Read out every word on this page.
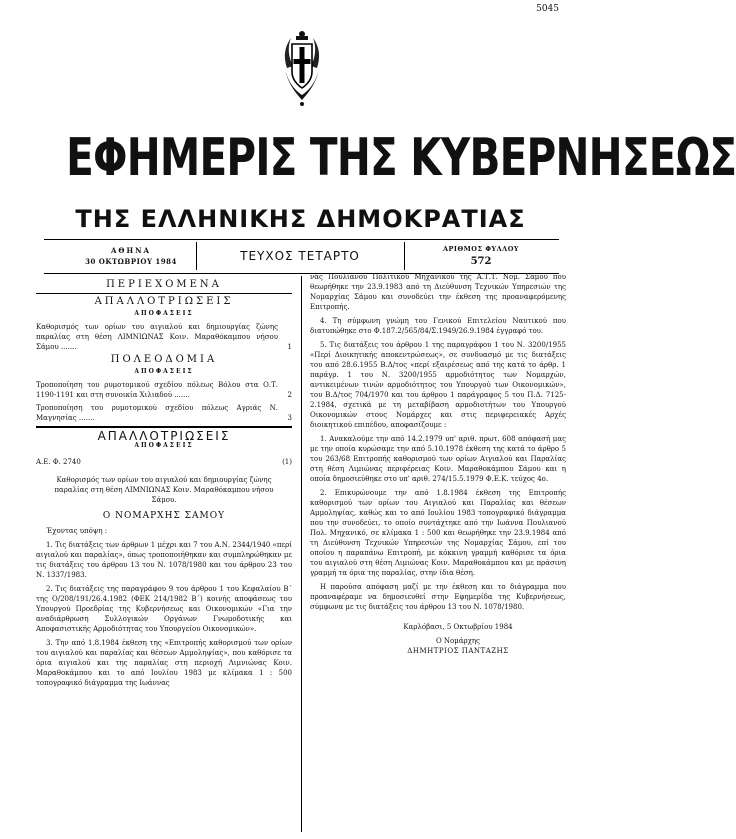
5045
ΕΦΗΜΕΡΙΣ ΤΗΣ ΚΥΒΕΡΝΗΣΕΩΣ
ΤΗΣ ΕΛΛΗΝΙΚΗΣ ΔΗΜΟΚΡΑΤΙΑΣ
ΑΘΗΝΑ
30 ΟΚΤΩΒΡΙΟΥ 1984	ΤΕΥΧΟΣ ΤΕΤΑΡΤΟ	ΑΡΙΘΜΟΣ ΦΥΛΛΟΥ
572
ΠΕΡΙΕΧΟΜΕΝΑ
ΑΠΑΛΛΟΤΡΙΩΣΕΙΣ
ΑΠΟΦΑΣΕΙΣ
Καθορισμός των ορίων του αιγιαλού και δημιουργίας ζώνης παραλίας στη θέση ΛΙΜΝΙΩΝΑΣ Κοιν. Μαραθόκαμπου νήσου Σάμου .......	1
ΠΟΛΕΟΔΟΜΙΑ
ΑΠΟΦΑΣΕΙΣ
Τροποποίηση του ρυμοτομικού σχεδίου πόλεως Βόλου στα Ο.Τ. 1190-1191 και στη συνοικία Χιλιαδού .......	2
Τροποποίηση του ρυμοτομικού σχεδίου πόλεως Αγριάς Ν. Μαγνησίας .......	3
ΑΠΑΛΛΟΤΡΙΩΣΕΙΣ
ΑΠΟΦΑΣΕΙΣ
Α.Ε. Φ. 2740	(1)

Καθορισμός των ορίων του αιγιαλού και δημιουργίας ζώνης παραλίας στη θέση ΛΙΜΝΙΩΝΑΣ Κοιν. Μαραθόκαμπου νήσου Σάμου.

Ο ΝΟΜΑΡΧΗΣ ΣΑΜΟΥ
Έχοντας υπόψη :

1. Τις διατάξεις των άρθρων 1 μέχρι και 7 του Α.Ν. 2344/1940 «περί αιγιαλού και παραλίας», όπως τροποποιήθηκαν και συμπληρώθηκαν με τις διατάξεις του άρθρου 13 του Ν. 1078/1980 και του άρθρου 23 του Ν. 1337/1983.

2. Τις διατάξεις της παραγράφου 9 του άρθρου 1 του Κεφαλαίου Β΄ της Ο/208/191/26.4.1982 (ΦΕΚ 214/1982 Β΄) κοινής αποφάσεως του Υπουργού Προεδρίας της Κυβερνήσεως και Οικονομικών «Για την αναδιάρθρωση Συλλογικών Οργάνων Γνωμοδοτικής και Αποφασιστικής Αρμοδιότητας του Υπουργείου Οικονομικών».

3. Την από 1.8.1984 έκθεση της «Επιτροπής καθορισμού των ορίων του αιγιαλού και παραλίας και θέσεων Αμμοληψίας», που καθόρισε τα όρια αιγιαλού και της παραλίας στη περιοχή Λιμνιώνας Κοιν. Μαραθοκάμπου και το από Ιουλίου 1983 με κλίμακα 1 : 500 τοπογραφικό διάγραμμα της Ιωάννας

νας Πουλιανού Πολιτικού Μηχανικού της Α.Τ.Τ. Νομ. Σάμου που θεωρήθηκε την 23.9.1983 από τη Διεύθυνση Τεχνικών Υπηρεσιών της Νομαρχίας Σάμου και συνοδεύει την έκθεση της προαναφερόμενης Επιτροπής.

4. Τη σύμφωνη γνώμη του Γενικού Επιτελείου Ναυτικού που διατυπώθηκε στο Φ.187.2/565/84/Σ.1949/26.9.1984 έγγραφό του.

5. Τις διατάξεις του άρθρου 1 της παραγράφου 1 του Ν. 3200/1955 «Περί Διοικητικής αποκεντρώσεως», σε συνδυασμό με τις διατάξεις του από 28.6.1955 Β.Δ/τος «περί εξαιρέσεως από της κατά το άρθρ. 1 παράγρ. 1 του Ν. 3200/1955 αρμοδιότητος των Νομαρχών, αντικειμένων τινών αρμοδιότητος του Υπουργού των Οικονομικών», του Β.Δ/τος 704/1970 και του άρθρου 1 παράγραφος 5 του Π.Δ. 7125-2.1984, σχετικά με τη μεταβίβαση αρμοδιοτήτων του Υπουργού Οικονομικών στους Νομάρχες και στις περιφερειακές Αρχές διοικητικού επιπέδου, αποφασίζουμε :

1. Ανακαλούμε την από 14.2.1979 υπ' αριθ. πρωτ. 608 απόφασή μας με την οποία κυρώσαμε την από 5.10.1978 έκθεση της κατά το άρθρο 5 του 263/68 Επιτροπής καθορισμού των ορίων Αιγιαλού και Παραλίας στη θέση Λιμιώνας περιφέρειας Κοιν. Μαραθοκάμπου Σάμου και η οποία δημοσιεύθηκε στο υπ' αριθ. 274/15.5.1979 Φ.Ε.Κ. τεύχος 4ο.

2. Επικυρώνουμε την από 1.8.1984 έκθεση της Επιτροπής καθορισμού των ορίων του Αιγιαλού και Παραλίας και θέσεων Αμμοληψίας, καθώς και το από Ιουλίου 1983 τοπογραφικό διάγραμμα που την συνοδεύει, το οποίο συντάχτηκε από την Ιωάννα Πουλιανού Πολ. Μηχανικό, σε κλίμακα 1 : 500 και θεωρήθηκε την 23.9.1984 από τη Διεύθυνση Τεχνικών Υπηρεσιών της Νομαρχίας Σάμου, επί του οποίου η παραπάνω Επιτροπή, με κόκκινη γραμμή καθόρισε τα όρια του αιγιαλού στη θέση Λιμιώνας Κοιν. Μαραθοκάμπου και με πράσινη γραμμή τα όρια της παραλίας, στην ίδια θέση.

Η παρούσα απόφαση μαζί με την έκθεση και το διάγραμμα που προαναφέραμε να δημοσιευθεί στην Εφημερίδα της Κυβερνήσεως, σύμφωνα με τις διατάξεις του άρθρου 13 του Ν. 1078/1980.

Καρλόβασι, 5 Οκτωβρίου 1984
Ο Νομάρχης
ΔΗΜΗΤΡΙΟΣ ΠΑΝΤΑΖΗΣ
